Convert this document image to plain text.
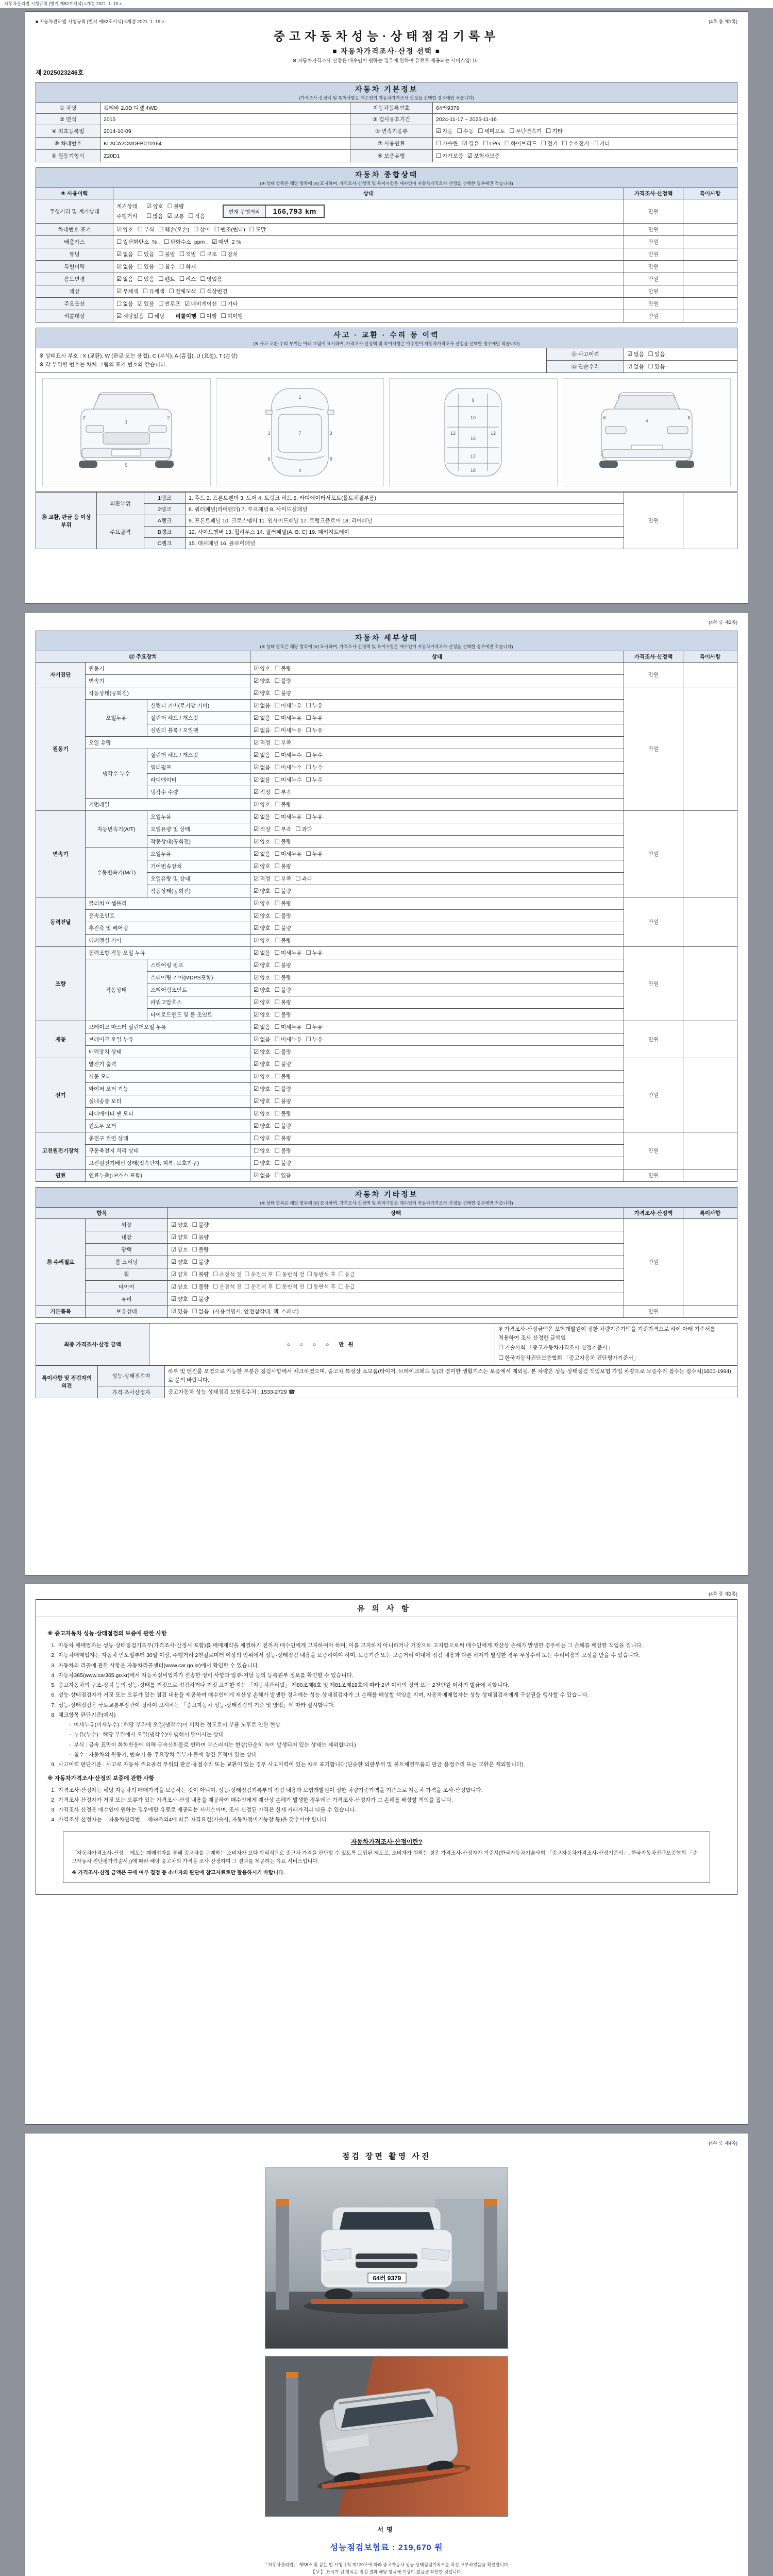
자동차관리법 시행규칙 [별지 제82호서식] <개정 2021. 1. 19.>
■ 자동차관리법 시행규칙 [별지 제82호서식] <개정 2021. 1. 19.>	(4쪽 중 제1쪽)
중고자동차성능·상태점검기록부
■ 자동차가격조사·산정 선택 ■
※ 자동차가격조사·산정은 매수인이 원하는 경우에 한하여 유료로 제공되는 서비스입니다.
제 2025023246호
자동차 기본정보
(가격조사·산정액 및 특이사항은 매수인이 자동차가격조사·산정을 선택한 경우에만 적습니다)
① 차명	캡티바 2.0D 디젤 4WD	자동차등록번호	64러9379
② 연식	2015	③ 검사유효기간	2024-11-17 ~ 2025-11-16
④ 최초등록일	2014-10-09	⑤ 변속기종류	☑ 자동 ☐ 수동 ☐ 세미오토 ☐ 무단변속기 ☐ 기타
⑥ 차대번호	KLACA2CMDFB010164	⑦ 사용연료	☐ 가솔린 ☑ 경유 ☐ LPG ☐ 하이브리드 ☐ 전기 ☐ 수소전기 ☐ 기타
⑧ 원동기형식	Z20D1	⑨ 보증유형	☐ 자가보증 ☑ 보험사보증
자동차 종합상태
(※ 상태 항목은 해당 항목에 [V] 표시하며, 가격조사·산정액 및 특이사항은 매수인이 자동차가격조사·산정을 선택한 경우에만 적습니다)
⑨ 사용이력	상태	가격조사·산정액	특이사항
주행거리 및 계기상태	계기상태 ☑ 양호 ☐ 불량
주행거리 ☐ 많음 ☑ 보통 ☐ 적음
현재 주행거리 166,793 km	만원	
차대번호 표기	☑ 양호 ☐ 부식 ☐ 훼손(오손) ☐ 상이 ☐ 변조(변타) ☐ 도말	만원	
배출가스	☐ 일산화탄소 % , ☐ 탄화수소 ppm , ☑ 매연 2 %	만원	
튜닝	☑ 없음 ☐ 있음 ☐ 불법 ☐ 적법 ☐ 구조 ☐ 장치	만원	
특별이력	☑ 없음 ☐ 있음 ☐ 침수 ☐ 화재	만원	
용도변경	☑ 없음 ☐ 있음 ☐ 렌트 ☐ 리스 ☐ 영업용	만원	
색상	☑ 무채색 ☐ 유채색 ☐ 전체도색 ☐ 색상변경	만원	
주요옵션	☐ 없음 ☑ 있음 ☐ 썬루프 ☑ 네비게이션 ☐ 기타	만원	
리콜대상	☑ 해당없음 ☐ 해당 리콜이행 ☐ 이행 ☐ 미이행	만원	
사고 · 교환 · 수리 등 이력
(※ 사고·교환·수리 부위는 아래 그림에 표시하며, 가격조사·산정액 및 특이사항은 매수인이 자동차가격조사·산정을 선택한 경우에만 적습니다)
※ 상태표시 부호 : X (교환), W (판금 또는 용접), C (부식), A (흠집), U (요철), T (손상)
※ 각 부위별 번호는 차체 그림의 표기 번호와 같습니다.	⑭ 사고이력	☑ 없음 ☐ 있음
	⑮ 단순수리	☑ 없음 ☐ 있음
1
2	2
5
1
7
4
3	3
6	8
9
10
12	12
16
17
18
4
6	6
⑯ 교환, 판금 등 이상 부위	외판부위	1랭크	1. 후드 2. 프론트펜더 3. 도어 4. 트렁크 리드 5. 라디에이터서포트(볼트체결부품)	만원	
		2랭크	6. 쿼터패널(리어펜더) 7. 루프패널 8. 사이드실패널		
	주요골격	A랭크	9. 프론트패널 10. 크로스멤버 11. 인사이드패널 17. 트렁크플로어 18. 리어패널		
		B랭크	12. 사이드멤버 13. 휠하우스 14. 필러패널(A, B, C) 19. 패키지트레이		
		C랭크	15. 대쉬패널 16. 플로어패널		
(4쪽 중 제2쪽)
자동차 세부상태
(※ 상태 항목은 해당 항목에 [V] 표시하며, 가격조사·산정액 및 특이사항은 매수인이 자동차가격조사·산정을 선택한 경우에만 적습니다)
⑰ 주요장치			상태	가격조사·산정액	특이사항
자기진단	원동기		☑ 양호 ☐ 불량	만원	
	변속기		☑ 양호 ☐ 불량		
원동기	작동상태(공회전)		☑ 양호 ☐ 불량	만원	
	오일누유	실린더 커버(로커암 커버)	☑ 없음 ☐ 미세누유 ☐ 누유		
		실린더 헤드 / 개스킷	☑ 없음 ☐ 미세누유 ☐ 누유		
		실린더 블록 / 오일팬	☑ 없음 ☐ 미세누유 ☐ 누유		
	오일 유량		☑ 적정 ☐ 부족		
	냉각수 누수	실린더 헤드 / 개스킷	☑ 없음 ☐ 미세누수 ☐ 누수		
		워터펌프	☑ 없음 ☐ 미세누수 ☐ 누수		
		라디에이터	☑ 없음 ☐ 미세누수 ☐ 누수		
		냉각수 수량	☑ 적정 ☐ 부족		
	커먼레일		☑ 양호 ☐ 불량		
변속기	자동변속기(A/T)	오일누유	☑ 없음 ☐ 미세누유 ☐ 누유	만원	
		오일유량 및 상태	☑ 적정 ☐ 부족 ☐ 과다		
		작동상태(공회전)	☑ 양호 ☐ 불량		
	수동변속기(M/T)	오일누유	☑ 없음 ☐ 미세누유 ☐ 누유		
		기어변속장치	☑ 양호 ☐ 불량		
		오일유량 및 상태	☑ 적정 ☐ 부족 ☐ 과다		
		작동상태(공회전)	☑ 양호 ☐ 불량		
동력전달	클러치 어셈블리		☑ 양호 ☐ 불량	만원	
	등속조인트		☑ 양호 ☐ 불량		
	추진축 및 베어링		☑ 양호 ☐ 불량		
	디퍼렌셜 기어		☑ 양호 ☐ 불량		
조향	동력조향 작동 오일 누유		☑ 없음 ☐ 미세누유 ☐ 누유	만원	
	작동상태	스티어링 펌프	☑ 양호 ☐ 불량		
		스티어링 기어(MDPS포함)	☑ 양호 ☐ 불량		
		스티어링조인트	☑ 양호 ☐ 불량		
		파워고압호스	☑ 양호 ☐ 불량		
		타이로드엔드 및 볼 조인트	☑ 양호 ☐ 불량		
제동	브레이크 마스터 실린더오일 누유		☑ 없음 ☐ 미세누유 ☐ 누유	만원	
	브레이크 오일 누유		☑ 없음 ☐ 미세누유 ☐ 누유		
	배력장치 상태		☑ 양호 ☐ 불량		
전기	발전기 출력		☑ 양호 ☐ 불량	만원	
	시동 모터		☑ 양호 ☐ 불량		
	와이퍼 모터 기능		☑ 양호 ☐ 불량		
	실내송풍 모터		☑ 양호 ☐ 불량		
	라디에이터 팬 모터		☑ 양호 ☐ 불량		
	윈도우 모터		☑ 양호 ☐ 불량		
고전원전기장치	충전구 절연 상태		☐ 양호 ☐ 불량	만원	
	구동축전지 격리 상태		☐ 양호 ☐ 불량		
	고전원전기배선 상태(접속단자, 피복, 보호기구)		☐ 양호 ☐ 불량		
연료	연료누출(LP가스 포함)		☑ 없음 ☐ 있음	만원	
자동차 기타정보
(※ 상태 항목은 해당 항목에 [V] 표시하며, 가격조사·산정액 및 특이사항은 매수인이 자동차가격조사·산정을 선택한 경우에만 적습니다)
항목		상태	가격조사·산정액	특이사항
⑱ 수리필요	외장	☑ 양호 ☐ 불량	만원	
	내장	☑ 양호 ☐ 불량		
	광택	☑ 양호 ☐ 불량		
	룸 크리닝	☑ 양호 ☐ 불량		
	휠	☑ 양호 ☐ 불량 ☐ 운전석 전 ☐ 운전석 후 ☐ 동반석 전 ☐ 동반석 후 ☐ 응급		
	타이어	☑ 양호 ☐ 불량 ☐ 운전석 전 ☐ 운전석 후 ☐ 동반석 전 ☐ 동반석 후 ☐ 응급		
	유리	☑ 양호 ☐ 불량		
기본품목	보유상태	☑ 있음 ☐ 없음 (사용설명서, 안전삼각대, 잭, 스패너)	만원	
최종 가격조사·산정 금액	○ ○ ○ ○ 만원	
※ 가격조사·산정금액은 보험개발원이 정한 차량기준가액을 기준가격으로 하여 아래 기준서를 적용하여 조사·산정한 금액임
☐ 기술사회 「중고자동차가격조사·산정기준서」☐ 한국자동차진단보증협회 「중고자동차 진단평가기준서」
특이사항 및 점검자의 의견	성능·상태점검자	하부 및 엔진룸 오염으로 가능한 부분은 점검사항에서 체크하였으며, 중고차 특성상 소모품(타이어, 브레이크패드 등)과 경미한 생활기스는 보증에서 제외됨. 본 차량은 성능·상태점검 책임보험 가입 차량으로 보증수리 접수는 접수처(1600-1994)로 문의 바랍니다.
	가격·조사산정자	중고자동차 성능·상태점검 보험접수처 : 1533-2729 ☎
(4쪽 중 제3쪽)
유의사항
※ 중고자동차 성능·상태점검의 보증에 관한 사항
1. 자동차 매매업자는 성능·상태점검기록부(가격조사·산정서 포함)를 매매계약을 체결하기 전까지 매수인에게 고지하여야 하며, 이를 고지하지 아니하거나 거짓으로 고지함으로써 매수인에게 재산상 손해가 발생한 경우에는 그 손해를 배상할 책임을 집니다.
2. 자동차매매업자는 자동차 인도일부터 30일 이상, 주행거리 2천킬로미터 이상의 범위에서 성능·상태점검 내용을 보증하여야 하며, 보증기간 또는 보증거리 이내에 점검 내용과 다른 하자가 발생한 경우 무상수리 또는 수리비용의 보상을 받을 수 있습니다.
3. 자동차의 리콜에 관한 사항은 자동차리콜센터(www.car.go.kr)에서 확인할 수 있습니다.
4. 자동차365(www.car365.go.kr)에서 자동차정비업자가 전송한 정비 사항과 압류·저당 등의 등록원부 정보를 확인할 수 있습니다.
5. 중고자동차의 구조·장치 등의 성능·상태를 거짓으로 점검하거나 거짓 고지한 자는 「자동차관리법」 제80조제6호 및 제81조제19호에 따라 2년 이하의 징역 또는 2천만원 이하의 벌금에 처합니다.
6. 성능·상태점검자가 거짓 또는 오류가 있는 점검 내용을 제공하여 매수인에게 재산상 손해가 발생한 경우에는 성능·상태점검자가 그 손해를 배상할 책임을 지며, 자동차매매업자는 성능·상태점검자에게 구상권을 행사할 수 있습니다.
7. 성능·상태점검은 국토교통부장관이 정하여 고시하는 「중고자동차 성능·상태점검의 기준 및 방법」에 따라 실시합니다.
8. 체크항목 판단기준(예시)
- 미세누유(미세누수) : 해당 부위에 오일(냉각수)이 비치는 정도로서 부품 노후로 인한 현상
- 누유(누수) : 해당 부위에서 오일(냉각수)이 맺혀서 떨어지는 상태
- 부식 : 금속 표면이 화학반응에 의해 금속산화물로 변하여 부스러지는 현상(단순히 녹이 발생되어 있는 상태는 제외합니다)
- 침수 : 자동차의 원동기, 변속기 등 주요장치 일부가 물에 잠긴 흔적이 있는 상태
9. 사고이력 판단기준 : 사고로 자동차 주요골격 부위의 판금·용접수리 또는 교환이 있는 경우 사고이력이 있는 차로 표기합니다(단순한 외판부위 및 볼트체결부품의 판금·용접수리 또는 교환은 제외합니다).
※ 자동차가격조사·산정의 보증에 관한 사항
1. 가격조사·산정자는 해당 자동차의 매매가격을 보증하는 것이 아니며, 성능·상태점검기록부의 점검 내용과 보험개발원이 정한 차량기준가액을 기준으로 자동차 가격을 조사·산정합니다.
2. 가격조사·산정자가 거짓 또는 오류가 있는 가격조사·산정 내용을 제공하여 매수인에게 재산상 손해가 발생한 경우에는 가격조사·산정자가 그 손해를 배상할 책임을 집니다.
3. 가격조사·산정은 매수인이 원하는 경우에만 유료로 제공되는 서비스이며, 조사·산정된 가격은 실제 거래가격과 다를 수 있습니다.
4. 가격조사·산정자는 「자동차관리법」 제58조의4에 따른 자격요건(기술사, 자동차정비기능장 등)을 갖추어야 합니다.
자동차가격조사·산정이란?
「자동차가격조사·산정」 제도는 매매업자를 통해 중고차를 구매하는 소비자가 보다 합리적으로 중고차 가격을 판단할 수 있도록 도입된 제도로, 소비자가 원하는 경우 가격조사·산정자가 기준서(한국자동차기술사회 「중고자동차가격조사·산정기준서」, 한국자동차진단보증협회 「중고자동차 진단평가기준서」)에 따라 해당 중고차의 가격을 조사·산정하여 그 결과를 제공하는 유료 서비스입니다.
※ 가격조사·산정 금액은 구매 여부 결정 등 소비자의 판단에 참고자료로만 활용하시기 바랍니다.
(4쪽 중 제4쪽)
점검 장면 촬영 사진
64러 9379
서명
성능점검보험료 : 219,670 원
「자동차관리법」 제58조 및 같은 법 시행규칙 제120조에 따라 중고자동차 성능·상태점검기록부를 작성·교부하였음을 확인합니다.
【 V 】 표시가 된 항목은 점검 결과 해당 항목에 이상이 없음을 확인한 것입니다.
